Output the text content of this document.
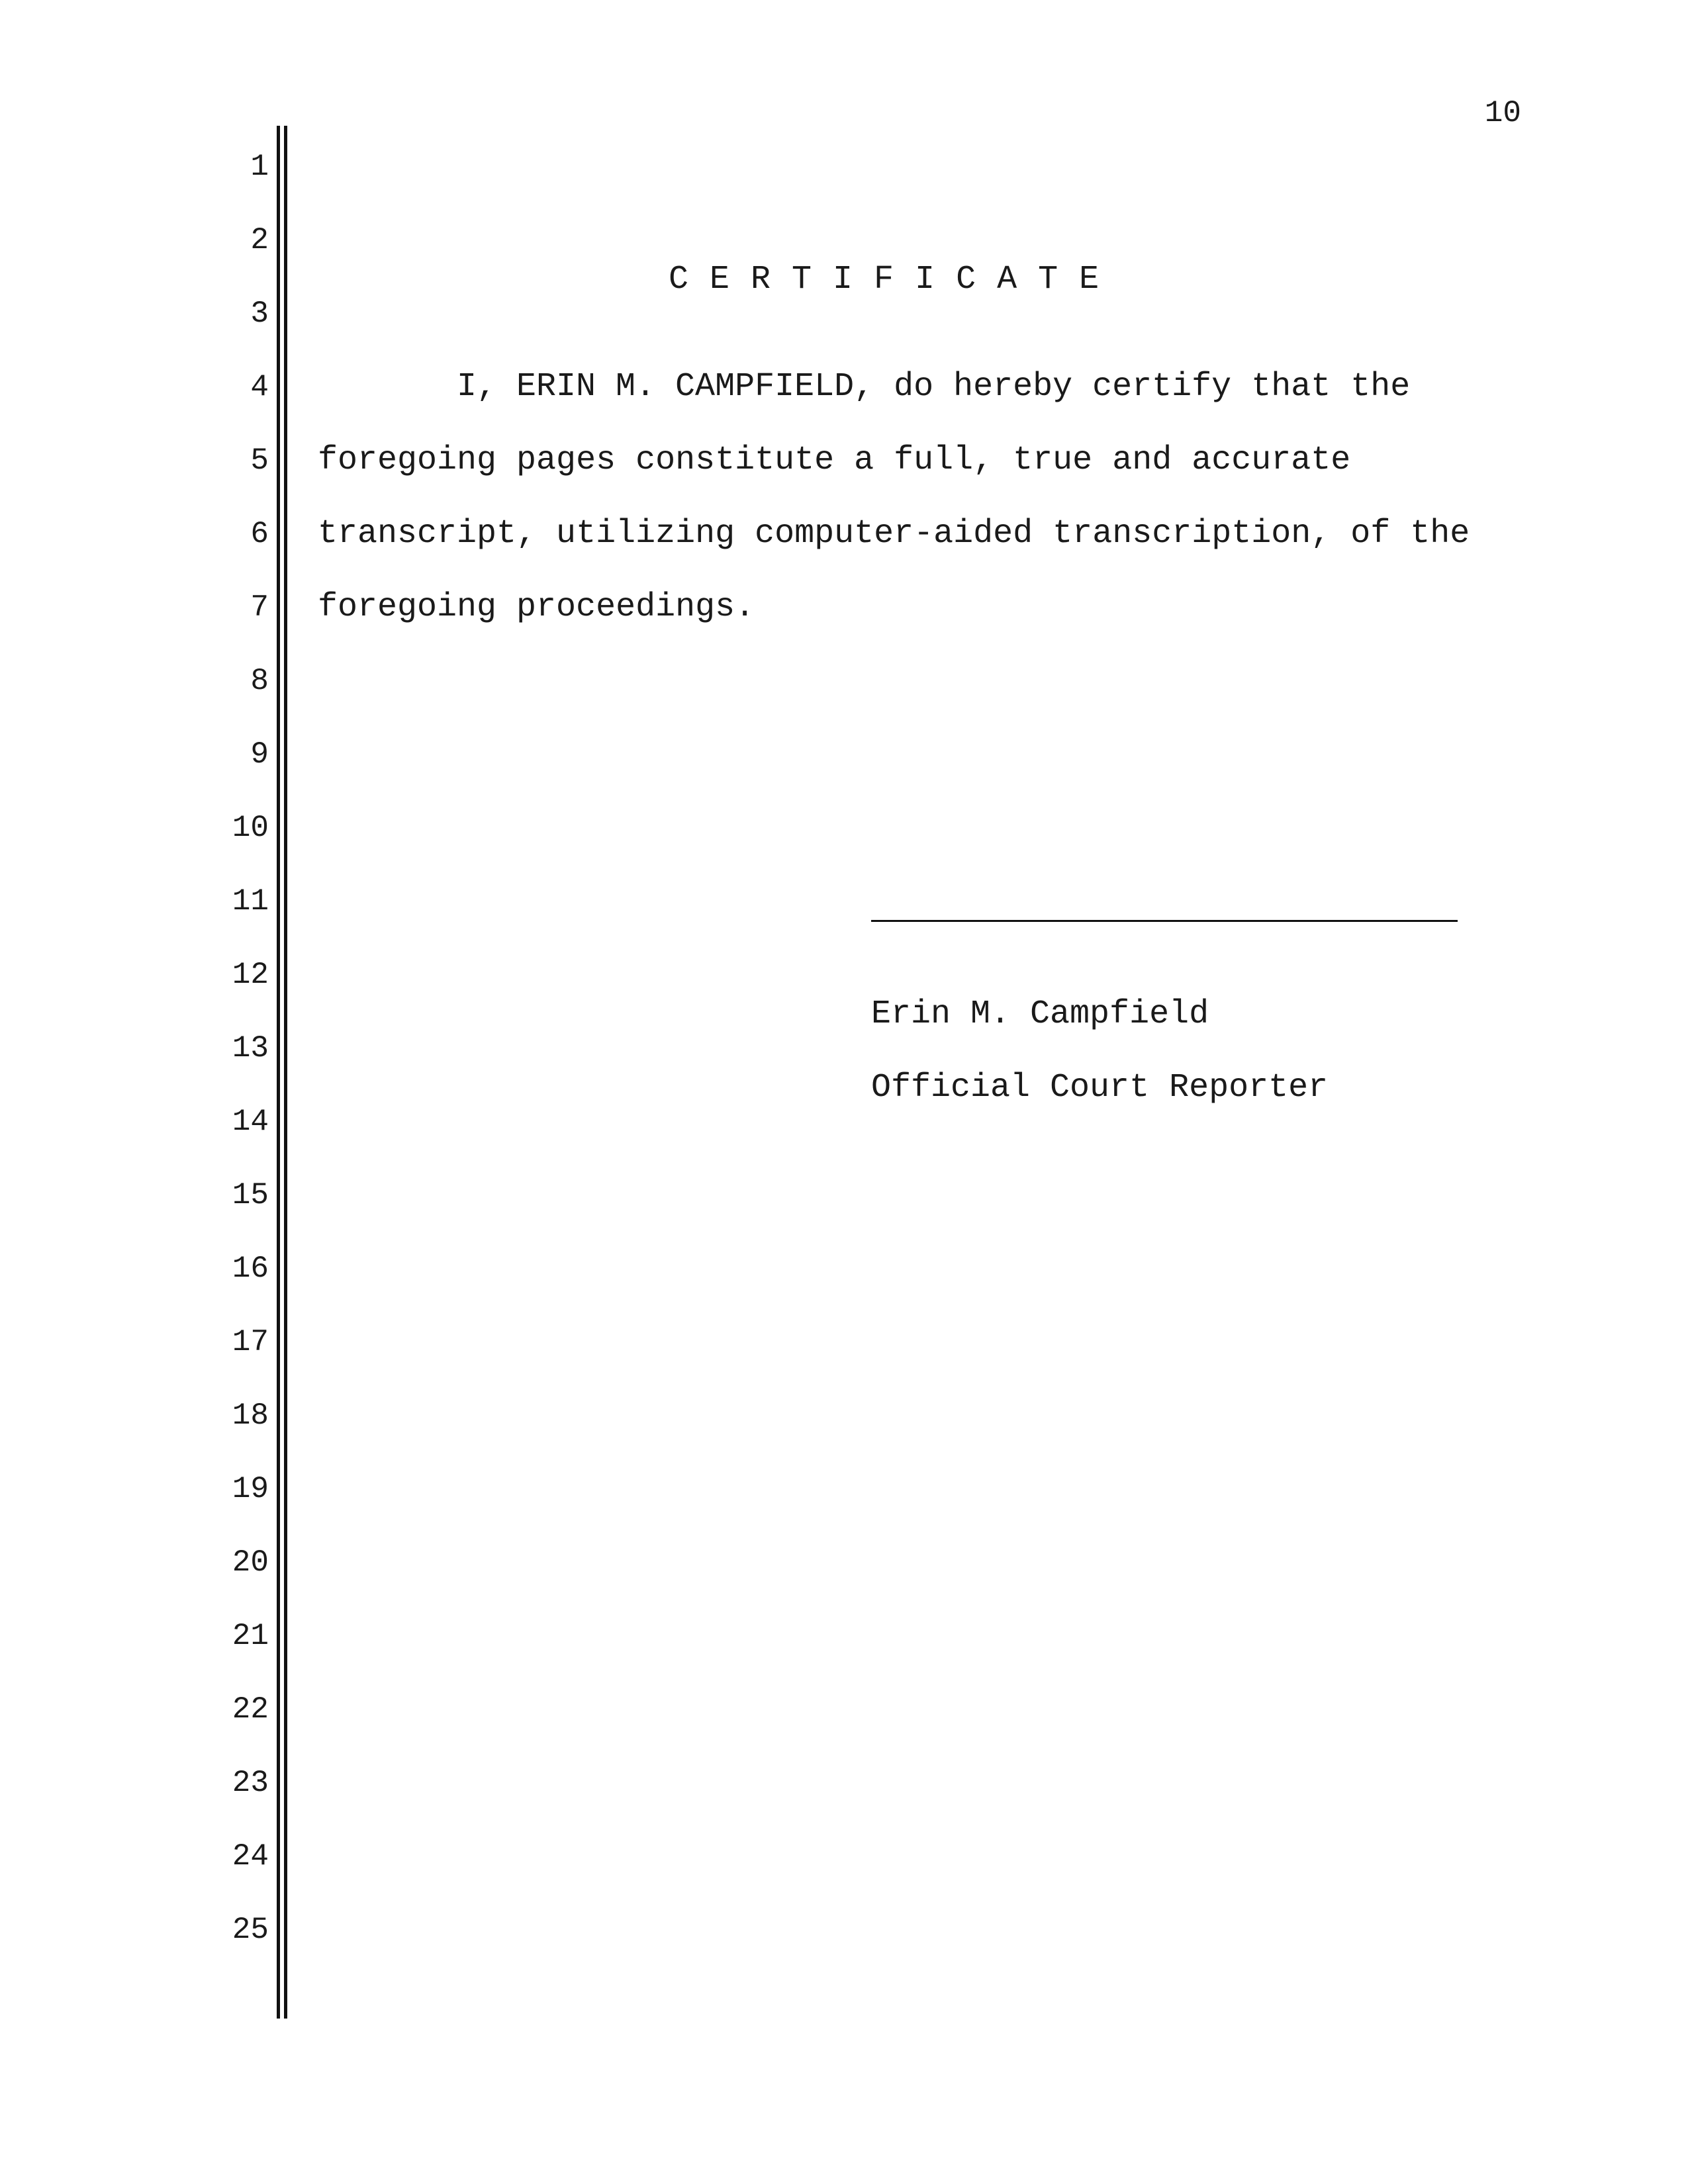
10
1
2
3
4
5
6
7
8
9
10
11
12
13
14
15
16
17
18
19
20
21
22
23
24
25

C E R T I F I C A T E

I, ERIN M. CAMPFIELD, do hereby certify that the
foregoing pages constitute a full, true and accurate
transcript, utilizing computer-aided transcription, of the
foregoing proceedings.

Erin M. Campfield

Official Court Reporter
